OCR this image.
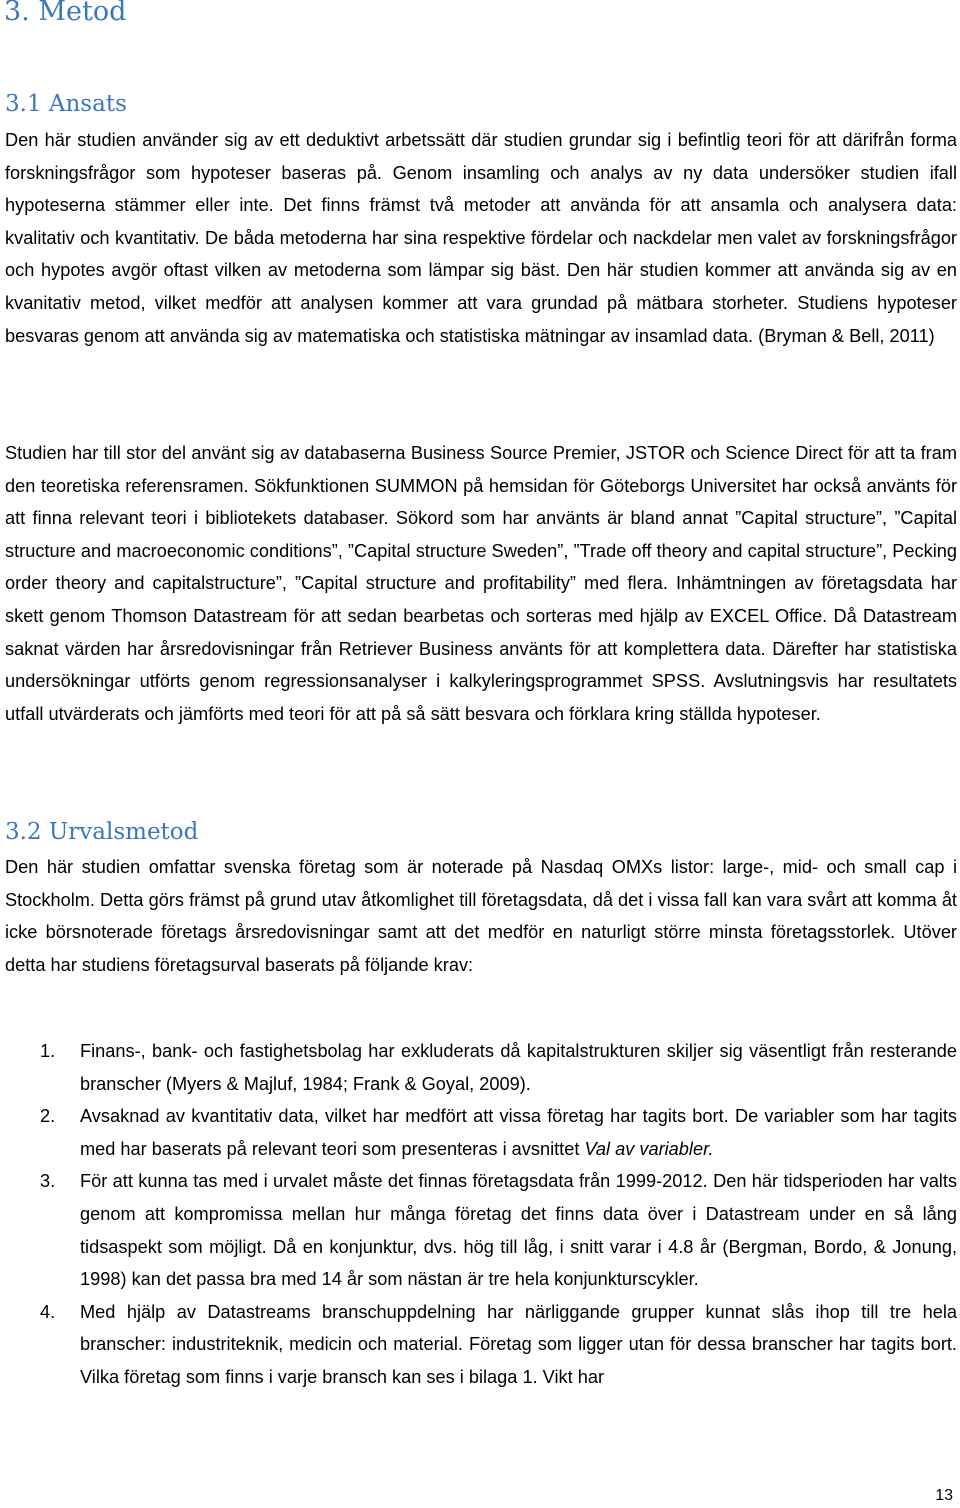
3. Metod
3.1 Ansats

Den här studien använder sig av ett deduktivt arbetssätt där studien grundar sig i befintlig teori för att därifrån forma forskningsfrågor som hypoteser baseras på. Genom insamling och analys av ny data undersöker studien ifall hypoteserna stämmer eller inte. Det finns främst två metoder att använda för att ansamla och analysera data: kvalitativ och kvantitativ. De båda metoderna har sina respektive fördelar och nackdelar men valet av forskningsfrågor och hypotes avgör oftast vilken av metoderna som lämpar sig bäst. Den här studien kommer att använda sig av en kvanitativ metod, vilket medför att analysen kommer att vara grundad på mätbara storheter. Studiens hypoteser besvaras genom att använda sig av matematiska och statistiska mätningar av insamlad data. (Bryman & Bell, 2011)

Studien har till stor del använt sig av databaserna Business Source Premier, JSTOR och Science Direct för att ta fram den teoretiska referensramen. Sökfunktionen SUMMON på hemsidan för Göteborgs Universitet har också använts för att finna relevant teori i bibliotekets databaser. Sökord som har använts är bland annat ”Capital structure”, ”Capital structure and macroeconomic conditions”, ”Capital structure Sweden”, ”Trade off theory and capital structure”, Pecking order theory and capitalstructure”, ”Capital structure and profitability” med flera. Inhämtningen av företagsdata har skett genom Thomson Datastream för att sedan bearbetas och sorteras med hjälp av EXCEL Office. Då Datastream saknat värden har årsredovisningar från Retriever Business använts för att komplettera data. Därefter har statistiska undersökningar utförts genom regressionsanalyser i kalkyleringsprogrammet SPSS. Avslutningsvis har resultatets utfall utvärderats och jämförts med teori för att på så sätt besvara och förklara kring ställda hypoteser.

3.2 Urvalsmetod

Den här studien omfattar svenska företag som är noterade på Nasdaq OMXs listor: large-, mid- och small cap i Stockholm. Detta görs främst på grund utav åtkomlighet till företagsdata, då det i vissa fall kan vara svårt att komma åt icke börsnoterade företags årsredovisningar samt att det medför en naturligt större minsta företagsstorlek. Utöver detta har studiens företagsurval baserats på följande krav:

1. Finans-, bank- och fastighetsbolag har exkluderats då kapitalstrukturen skiljer sig väsentligt från resterande branscher (Myers & Majluf, 1984; Frank & Goyal, 2009).
2. Avsaknad av kvantitativ data, vilket har medfört att vissa företag har tagits bort. De variabler som har tagits med har baserats på relevant teori som presenteras i avsnittet Val av variabler.
3. För att kunna tas med i urvalet måste det finnas företagsdata från 1999-2012. Den här tidsperioden har valts genom att kompromissa mellan hur många företag det finns data över i Datastream under en så lång tidsaspekt som möjligt. Då en konjunktur, dvs. hög till låg, i snitt varar i 4.8 år (Bergman, Bordo, & Jonung, 1998) kan det passa bra med 14 år som nästan är tre hela konjunkturscykler.
4. Med hjälp av Datastreams branschuppdelning har närliggande grupper kunnat slås ihop till tre hela branscher: industriteknik, medicin och material. Företag som ligger utan för dessa branscher har tagits bort. Vilka företag som finns i varje bransch kan ses i bilaga 1. Vikt har
13
